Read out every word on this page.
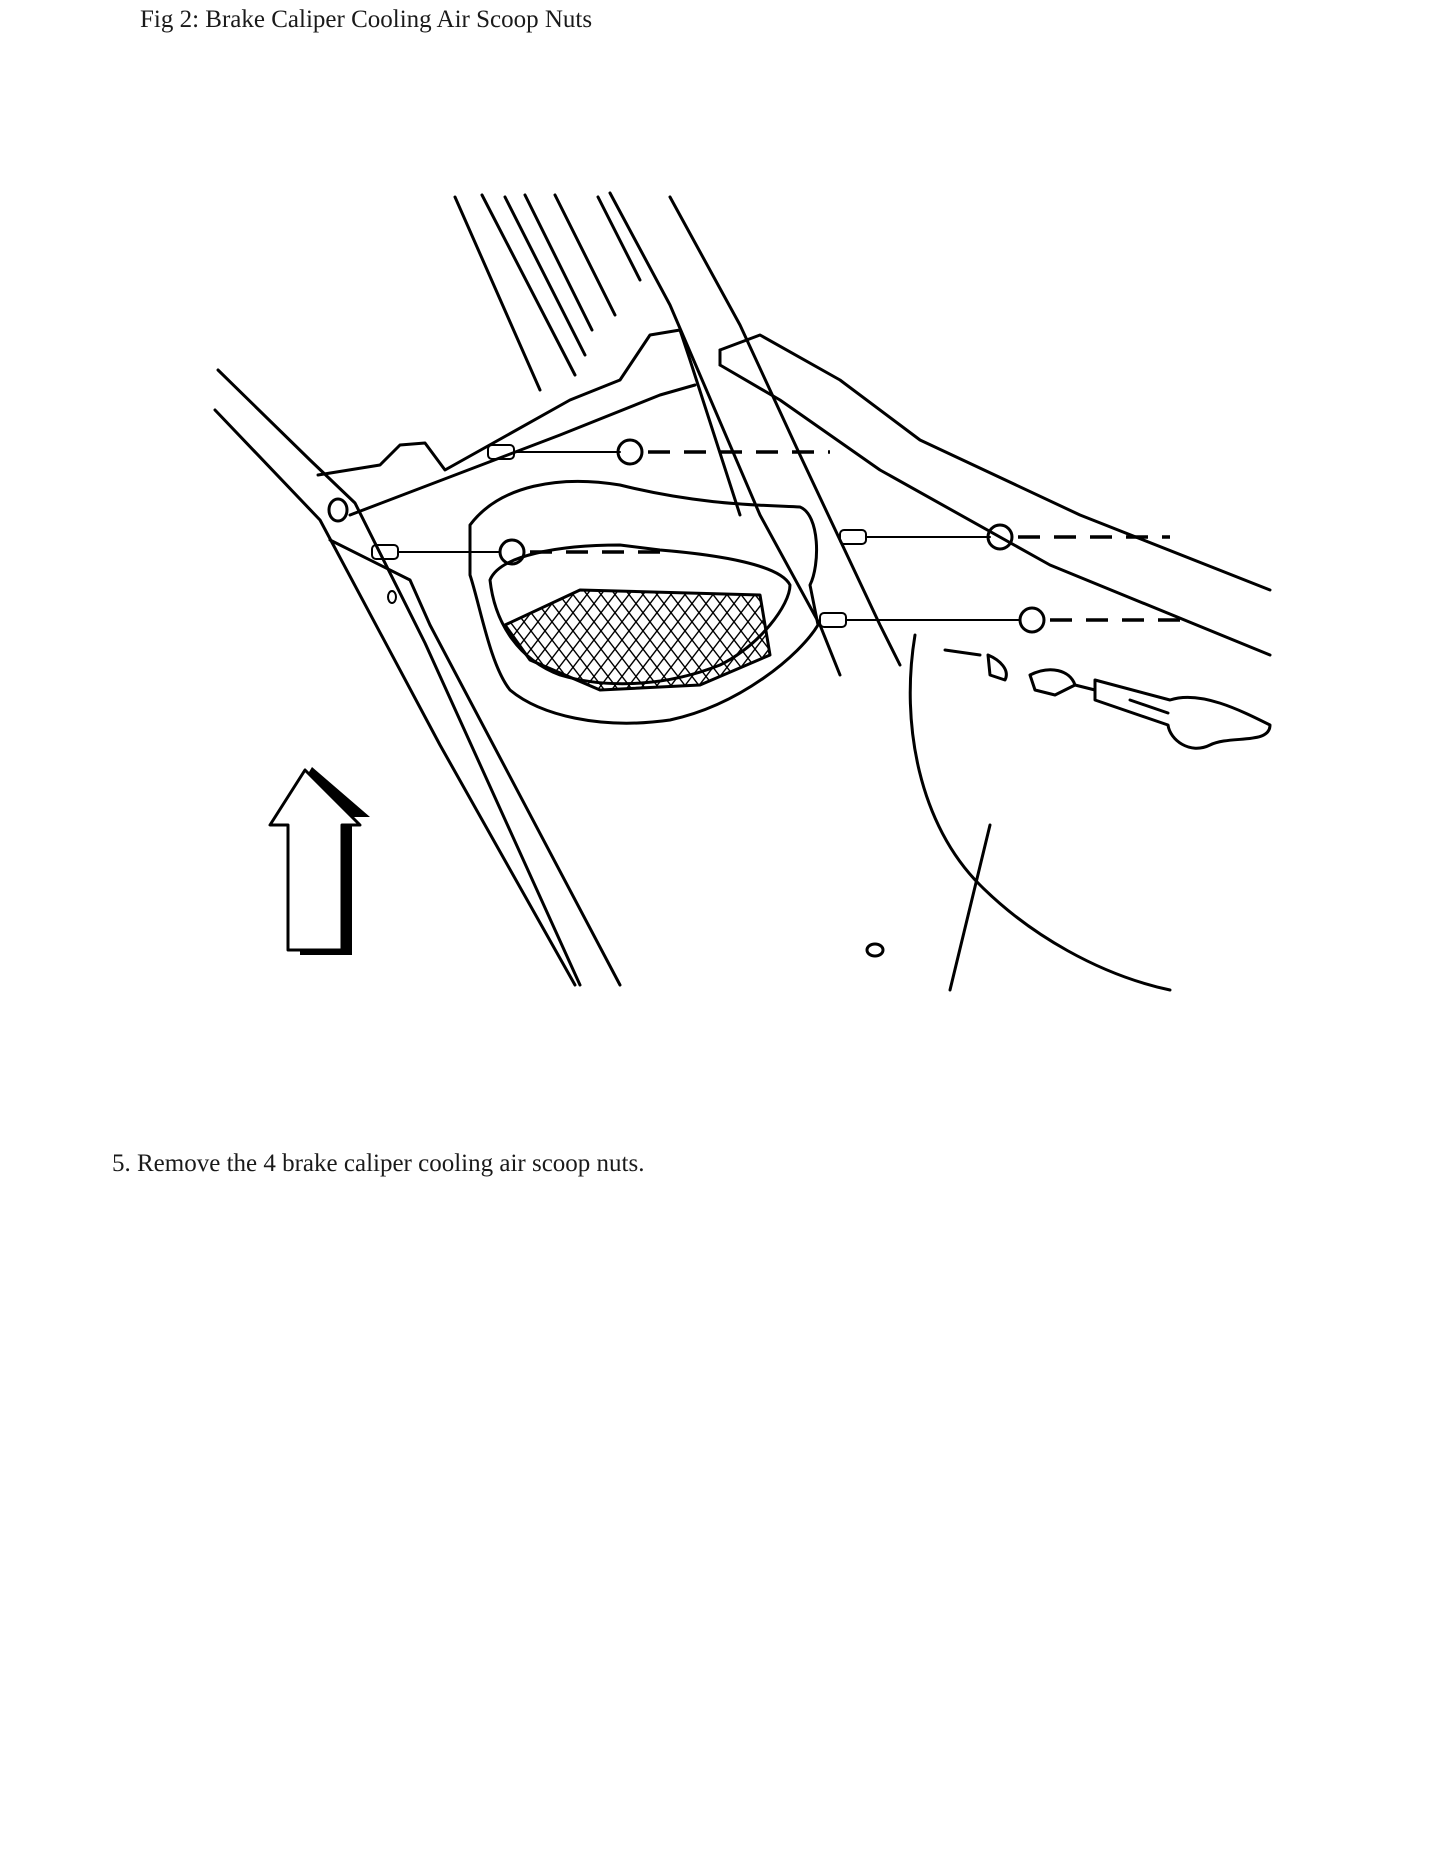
Fig 2: Brake Caliper Cooling Air Scoop Nuts
5. Remove the 4 brake caliper cooling air scoop nuts.
